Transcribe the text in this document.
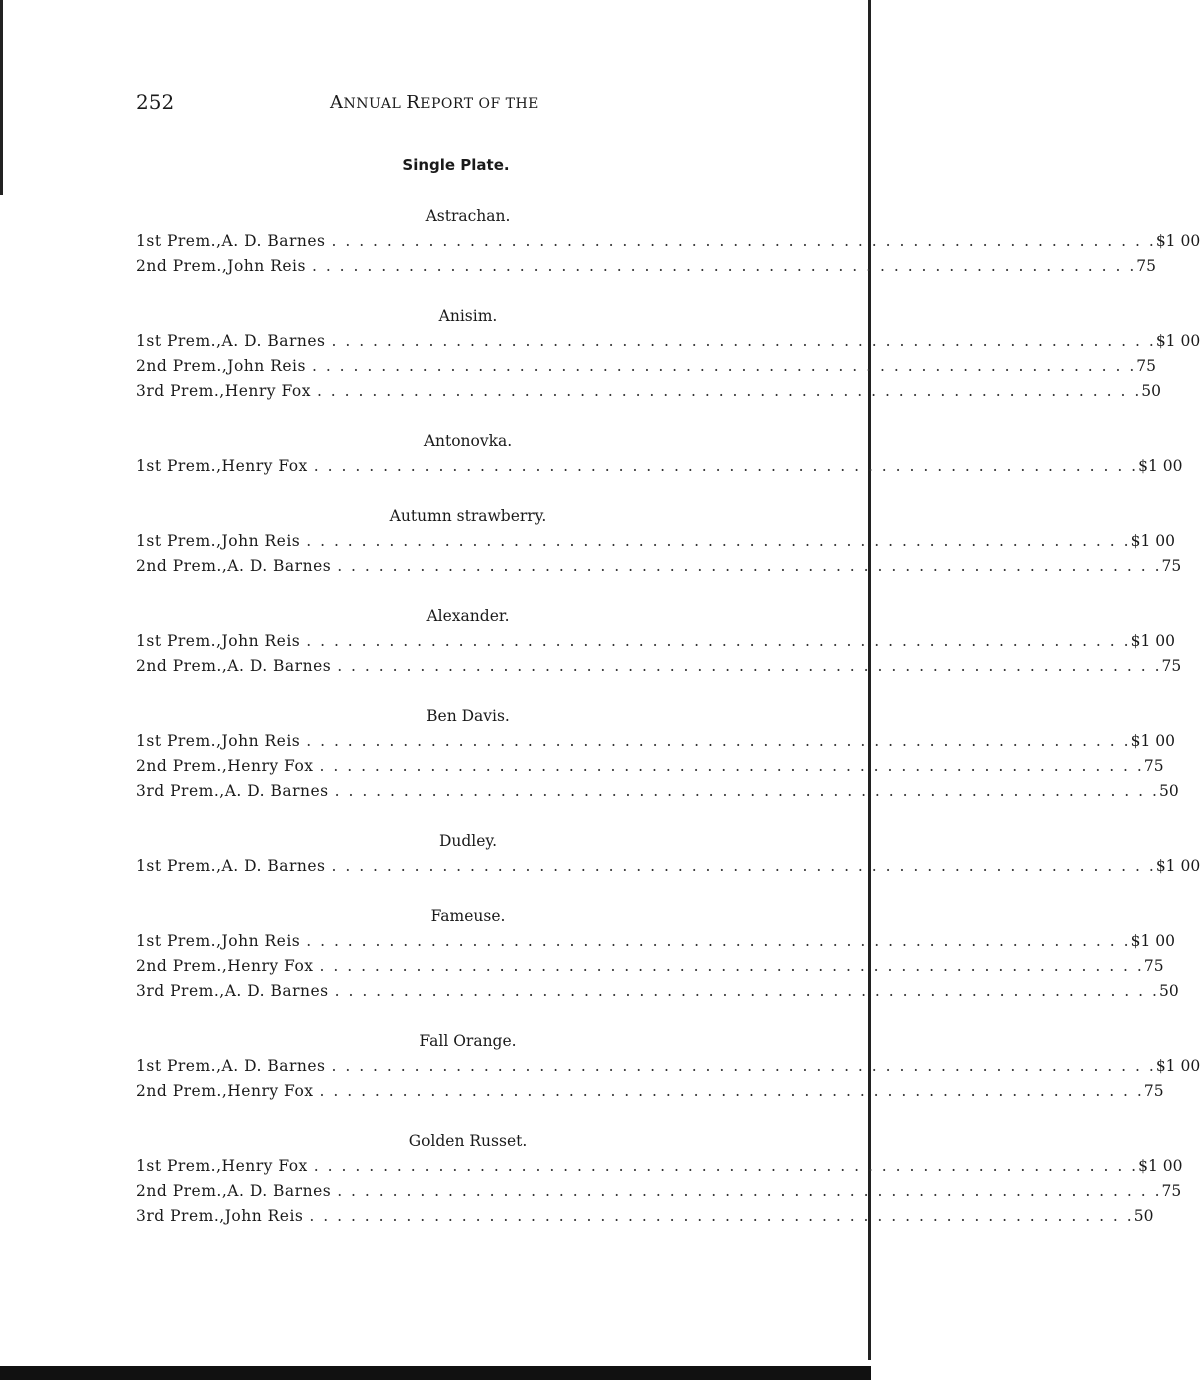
252	ANNUAL REPORT OF THE
Single Plate.
Astrachan.
1st Prem., A. D. Barnes . . . . . . . . . . . . . . . . . . . . . . . . . . . . . . . . . . . . . . . . . . . . . . . . . . . . . . . . . . . . $1 00
2nd Prem., John Reis . . . . . . . . . . . . . . . . . . . . . . . . . . . . . . . . . . . . . . . . . . . . . . . . . . . . . . . . . . . . 75
Anisim.
1st Prem., A. D. Barnes . . . . . . . . . . . . . . . . . . . . . . . . . . . . . . . . . . . . . . . . . . . . . . . . . . . . . . . . . . . . $1 00
2nd Prem., John Reis . . . . . . . . . . . . . . . . . . . . . . . . . . . . . . . . . . . . . . . . . . . . . . . . . . . . . . . . . . . . 75
3rd Prem., Henry Fox . . . . . . . . . . . . . . . . . . . . . . . . . . . . . . . . . . . . . . . . . . . . . . . . . . . . . . . . . . . . 50
Antonovka.
1st Prem., Henry Fox . . . . . . . . . . . . . . . . . . . . . . . . . . . . . . . . . . . . . . . . . . . . . . . . . . . . . . . . . . . . $1 00
Autumn strawberry.
1st Prem., John Reis . . . . . . . . . . . . . . . . . . . . . . . . . . . . . . . . . . . . . . . . . . . . . . . . . . . . . . . . . . . . $1 00
2nd Prem., A. D. Barnes . . . . . . . . . . . . . . . . . . . . . . . . . . . . . . . . . . . . . . . . . . . . . . . . . . . . . . . . . . . . 75
Alexander.
1st Prem., John Reis . . . . . . . . . . . . . . . . . . . . . . . . . . . . . . . . . . . . . . . . . . . . . . . . . . . . . . . . . . . . $1 00
2nd Prem., A. D. Barnes . . . . . . . . . . . . . . . . . . . . . . . . . . . . . . . . . . . . . . . . . . . . . . . . . . . . . . . . . . . . 75
Ben Davis.
1st Prem., John Reis . . . . . . . . . . . . . . . . . . . . . . . . . . . . . . . . . . . . . . . . . . . . . . . . . . . . . . . . . . . . $1 00
2nd Prem., Henry Fox . . . . . . . . . . . . . . . . . . . . . . . . . . . . . . . . . . . . . . . . . . . . . . . . . . . . . . . . . . . . 75
3rd Prem., A. D. Barnes . . . . . . . . . . . . . . . . . . . . . . . . . . . . . . . . . . . . . . . . . . . . . . . . . . . . . . . . . . . . 50
Dudley.
1st Prem., A. D. Barnes . . . . . . . . . . . . . . . . . . . . . . . . . . . . . . . . . . . . . . . . . . . . . . . . . . . . . . . . . . . . $1 00
Fameuse.
1st Prem., John Reis . . . . . . . . . . . . . . . . . . . . . . . . . . . . . . . . . . . . . . . . . . . . . . . . . . . . . . . . . . . . $1 00
2nd Prem., Henry Fox . . . . . . . . . . . . . . . . . . . . . . . . . . . . . . . . . . . . . . . . . . . . . . . . . . . . . . . . . . . . 75
3rd Prem., A. D. Barnes . . . . . . . . . . . . . . . . . . . . . . . . . . . . . . . . . . . . . . . . . . . . . . . . . . . . . . . . . . . . 50
Fall Orange.
1st Prem., A. D. Barnes . . . . . . . . . . . . . . . . . . . . . . . . . . . . . . . . . . . . . . . . . . . . . . . . . . . . . . . . . . . . $1 00
2nd Prem., Henry Fox . . . . . . . . . . . . . . . . . . . . . . . . . . . . . . . . . . . . . . . . . . . . . . . . . . . . . . . . . . . . 75
Golden Russet.
1st Prem., Henry Fox . . . . . . . . . . . . . . . . . . . . . . . . . . . . . . . . . . . . . . . . . . . . . . . . . . . . . . . . . . . . $1 00
2nd Prem., A. D. Barnes . . . . . . . . . . . . . . . . . . . . . . . . . . . . . . . . . . . . . . . . . . . . . . . . . . . . . . . . . . . . 75
3rd Prem., John Reis . . . . . . . . . . . . . . . . . . . . . . . . . . . . . . . . . . . . . . . . . . . . . . . . . . . . . . . . . . . . 50
